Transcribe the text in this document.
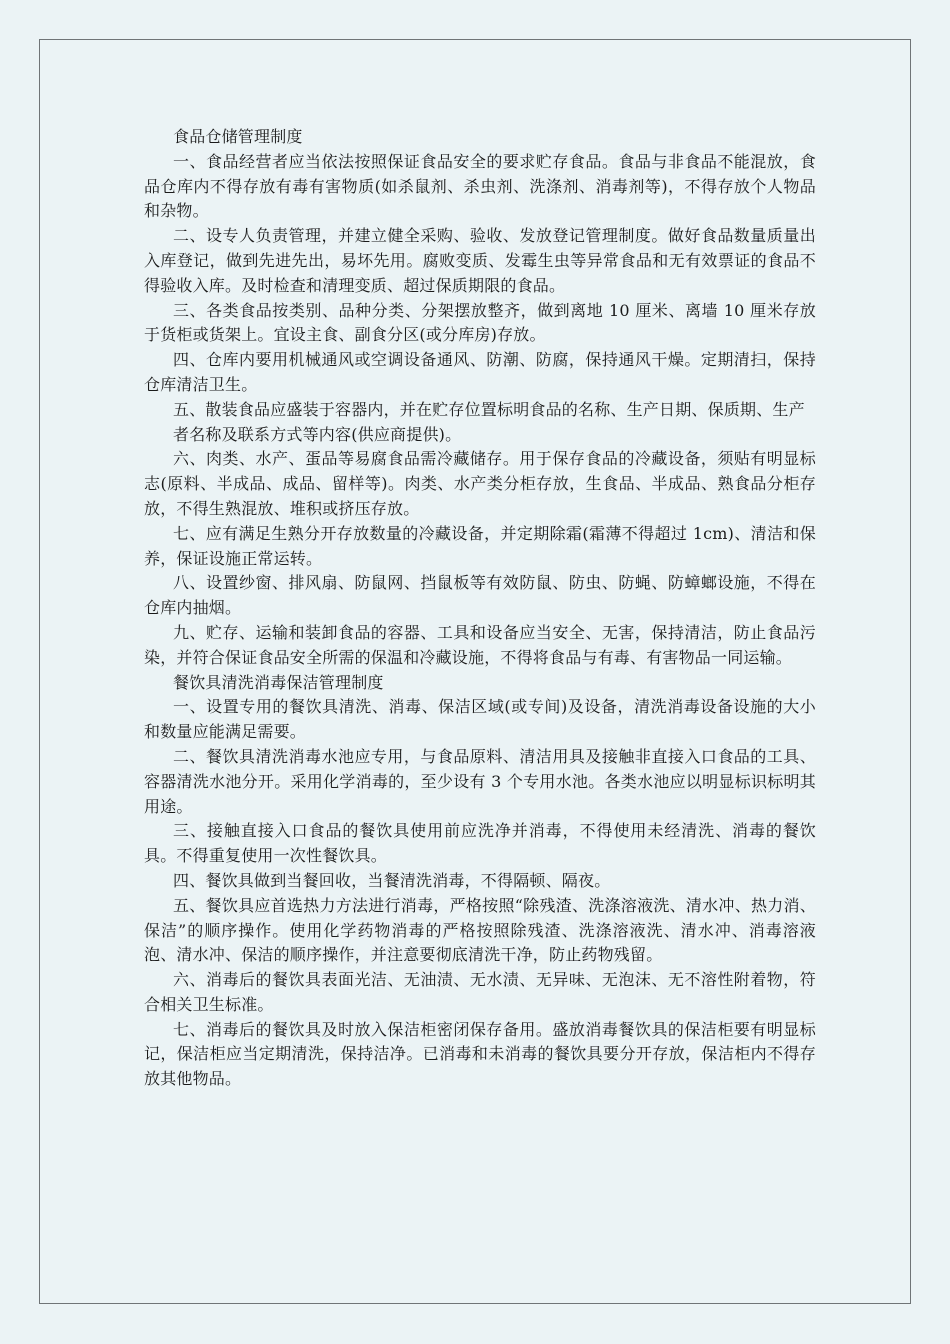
食品仓储管理制度

一、食品经营者应当依法按照保证食品安全的要求贮存食品。食品与非食品不能混放，食品仓库内不得存放有毒有害物质(如杀鼠剂、杀虫剂、洗涤剂、消毒剂等)，不得存放个人物品和杂物。

二、设专人负责管理，并建立健全采购、验收、发放登记管理制度。做好食品数量质量出入库登记，做到先进先出，易坏先用。腐败变质、发霉生虫等异常食品和无有效票证的食品不得验收入库。及时检查和清理变质、超过保质期限的食品。

三、各类食品按类别、品种分类、分架摆放整齐，做到离地 10 厘米、离墙 10 厘米存放于货柜或货架上。宜设主食、副食分区(或分库房)存放。

四、仓库内要用机械通风或空调设备通风、防潮、防腐，保持通风干燥。定期清扫，保持仓库清洁卫生。

五、散装食品应盛装于容器内，并在贮存位置标明食品的名称、生产日期、保质期、生产

者名称及联系方式等内容(供应商提供)。

六、肉类、水产、蛋品等易腐食品需冷藏储存。用于保存食品的冷藏设备，须贴有明显标志(原料、半成品、成品、留样等)。肉类、水产类分柜存放，生食品、半成品、熟食品分柜存放，不得生熟混放、堆积或挤压存放。

七、应有满足生熟分开存放数量的冷藏设备，并定期除霜(霜薄不得超过 1cm)、清洁和保养，保证设施正常运转。

八、设置纱窗、排风扇、防鼠网、挡鼠板等有效防鼠、防虫、防蝇、防蟑螂设施，不得在仓库内抽烟。

九、贮存、运输和装卸食品的容器、工具和设备应当安全、无害，保持清洁，防止食品污染，并符合保证食品安全所需的保温和冷藏设施，不得将食品与有毒、有害物品一同运输。

餐饮具清洗消毒保洁管理制度

一、设置专用的餐饮具清洗、消毒、保洁区域(或专间)及设备，清洗消毒设备设施的大小和数量应能满足需要。

二、餐饮具清洗消毒水池应专用，与食品原料、清洁用具及接触非直接入口食品的工具、容器清洗水池分开。采用化学消毒的，至少设有 3 个专用水池。各类水池应以明显标识标明其用途。

三、接触直接入口食品的餐饮具使用前应洗净并消毒，不得使用未经清洗、消毒的餐饮具。不得重复使用一次性餐饮具。

四、餐饮具做到当餐回收，当餐清洗消毒，不得隔顿、隔夜。

五、餐饮具应首选热力方法进行消毒，严格按照“除残渣、洗涤溶液洗、清水冲、热力消、保洁”的顺序操作。使用化学药物消毒的严格按照除残渣、洗涤溶液洗、清水冲、消毒溶液泡、清水冲、保洁的顺序操作，并注意要彻底清洗干净，防止药物残留。

六、消毒后的餐饮具表面光洁、无油渍、无水渍、无异味、无泡沫、无不溶性附着物，符合相关卫生标准。

七、消毒后的餐饮具及时放入保洁柜密闭保存备用。盛放消毒餐饮具的保洁柜要有明显标记，保洁柜应当定期清洗，保持洁净。已消毒和未消毒的餐饮具要分开存放，保洁柜内不得存放其他物品。
